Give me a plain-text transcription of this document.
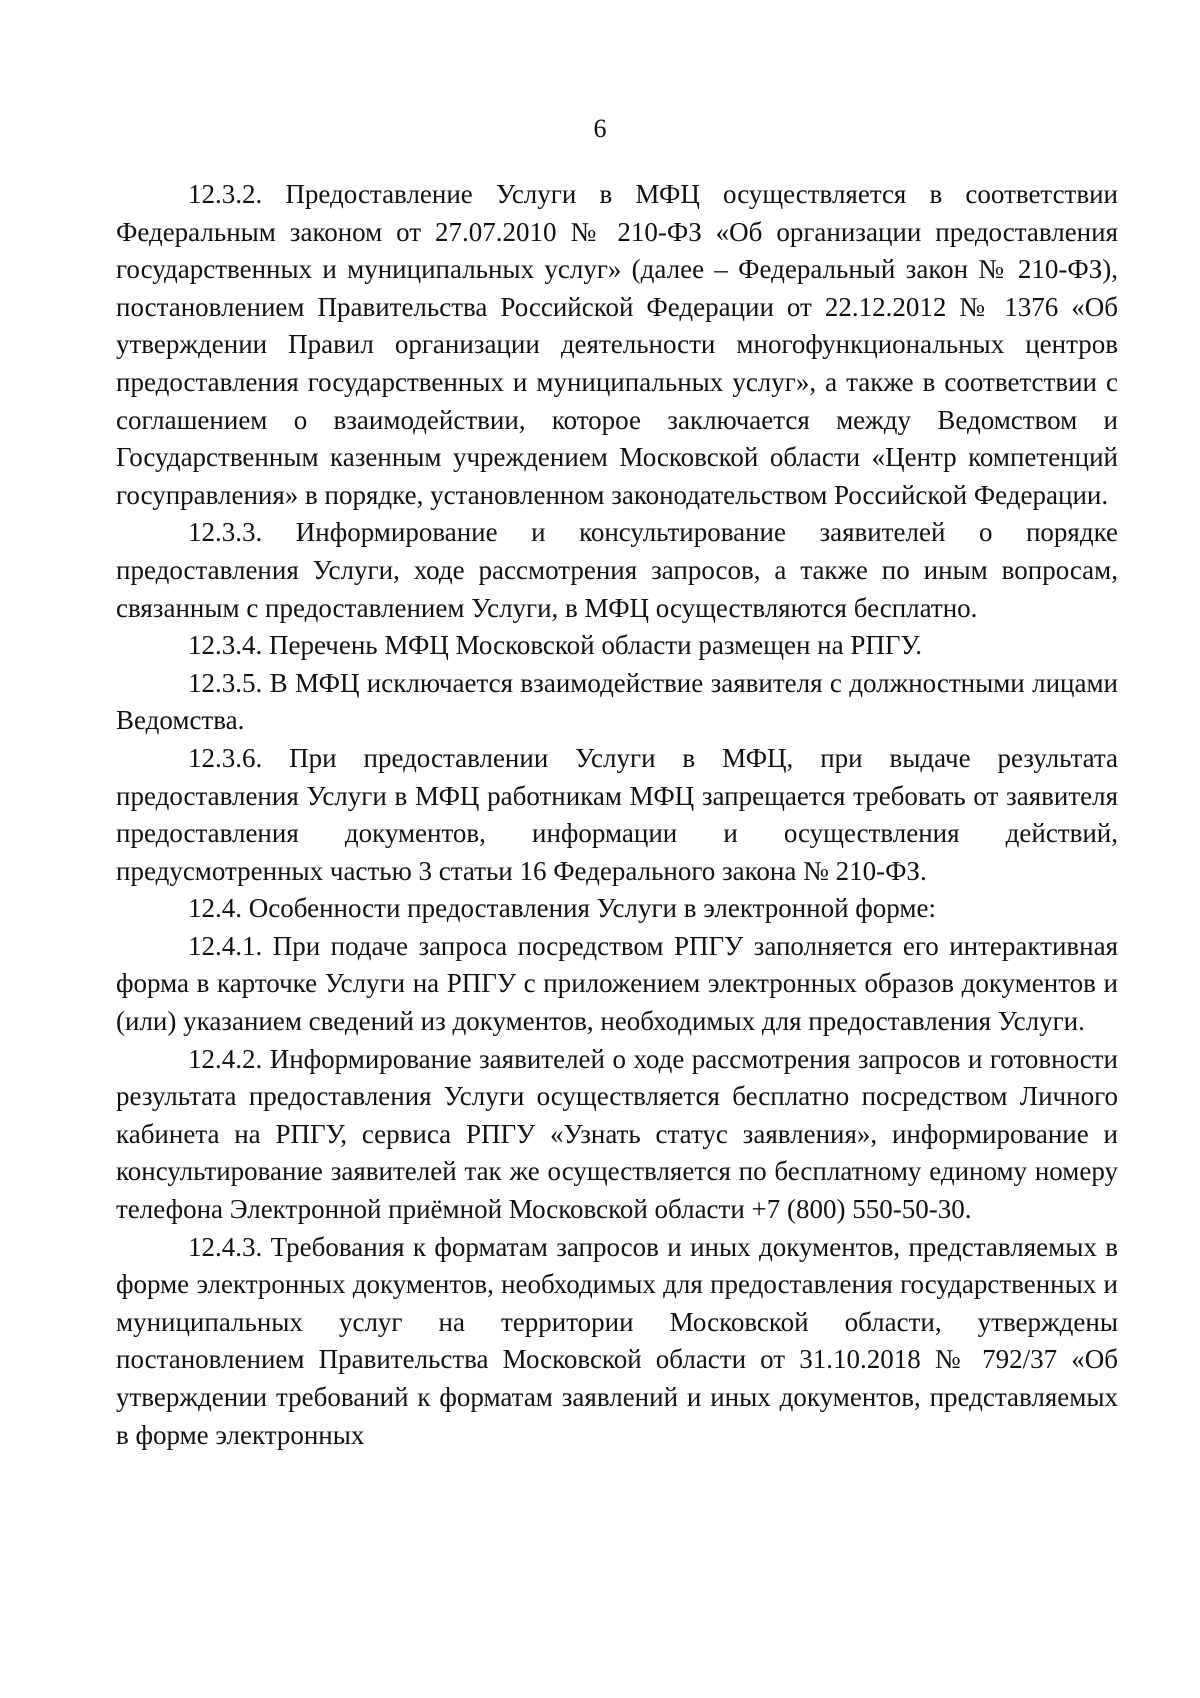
6

12.3.2. Предоставление Услуги в МФЦ осуществляется в соответствии Федеральным законом от 27.07.2010 № 210-ФЗ «Об организации предоставления государственных и муниципальных услуг» (далее – Федеральный закон № 210-ФЗ), постановлением Правительства Российской Федерации от 22.12.2012 № 1376 «Об утверждении Правил организации деятельности многофункциональных центров предоставления государственных и муниципальных услуг», а также в соответствии с соглашением о взаимодействии, которое заключается между Ведомством и Государственным казенным учреждением Московской области «Центр компетенций госуправления» в порядке, установленном законодательством Российской Федерации.

12.3.3. Информирование и консультирование заявителей о порядке предоставления Услуги, ходе рассмотрения запросов, а также по иным вопросам, связанным с предоставлением Услуги, в МФЦ осуществляются бесплатно.

12.3.4. Перечень МФЦ Московской области размещен на РПГУ.

12.3.5. В МФЦ исключается взаимодействие заявителя с должностными лицами Ведомства.

12.3.6. При предоставлении Услуги в МФЦ, при выдаче результата предоставления Услуги в МФЦ работникам МФЦ запрещается требовать от заявителя предоставления документов, информации и осуществления действий, предусмотренных частью 3 статьи 16 Федерального закона № 210-ФЗ.

12.4. Особенности предоставления Услуги в электронной форме:

12.4.1. При подаче запроса посредством РПГУ заполняется его интерактивная форма в карточке Услуги на РПГУ с приложением электронных образов документов и (или) указанием сведений из документов, необходимых для предоставления Услуги.

12.4.2. Информирование заявителей о ходе рассмотрения запросов и готовности результата предоставления Услуги осуществляется бесплатно посредством Личного кабинета на РПГУ, сервиса РПГУ «Узнать статус заявления», информирование и консультирование заявителей так же осуществляется по бесплатному единому номеру телефона Электронной приёмной Московской области +7 (800) 550-50-30.

12.4.3. Требования к форматам запросов и иных документов, представляемых в форме электронных документов, необходимых для предоставления государственных и муниципальных услуг на территории Московской области, утверждены постановлением Правительства Московской области от 31.10.2018 № 792/37 «Об утверждении требований к форматам заявлений и иных документов, представляемых в форме электронных
